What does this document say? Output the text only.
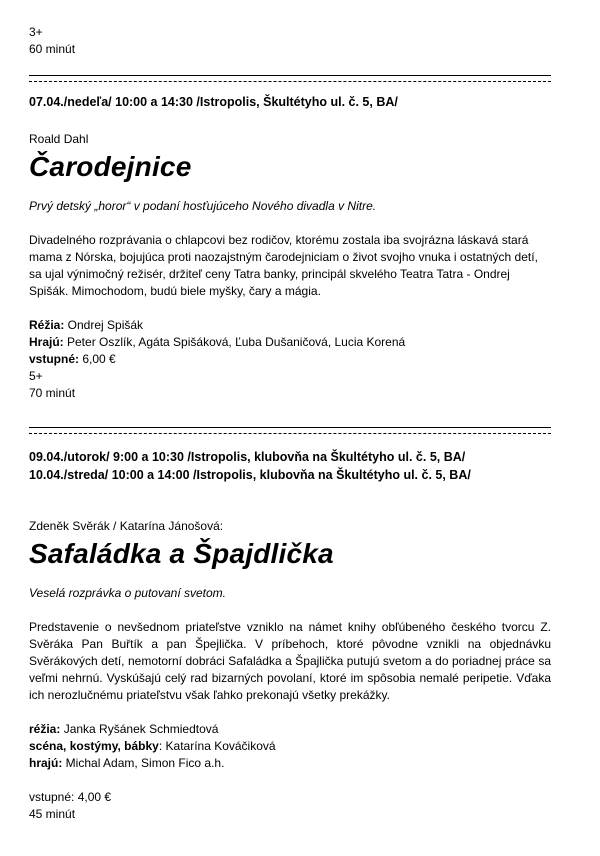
3+

60 minút

07.04./nedeľa/ 10:00 a 14:30 /Istropolis, Škultétyho ul. č. 5, BA/

Roald Dahl

Čarodejnice

Prvý detský „horor“ v podaní hosťujúceho Nového divadla v Nitre.

Divadelného rozprávania o chlapcovi bez rodičov, ktorému zostala iba svojrázna láskavá stará mama z Nórska, bojujúca proti naozajstným čarodejniciam o život svojho vnuka i ostatných detí, sa ujal výnimočný režisér, držiteľ ceny Tatra banky, principál skvelého Teatra Tatra - Ondrej Spišák. Mimochodom, budú biele myšky, čary a mágia.

Réžia: Ondrej Spišák

Hrajú: Peter Oszlík, Agáta Spišáková, Ľuba Dušaničová, Lucia Korená

vstupné: 6,00 €

5+

70 minút

09.04./utorok/ 9:00 a 10:30 /Istropolis, klubovňa na Škultétyho ul. č. 5, BA/

10.04./streda/ 10:00 a 14:00 /Istropolis, klubovňa na Škultétyho ul. č. 5, BA/

Zdeněk Svěrák / Katarína Jánošová:

Safaládka a Špajdlička

Veselá rozprávka o putovaní svetom.

Predstavenie o nevšednom priateľstve vzniklo na námet knihy obľúbeného českého tvorcu Z. Svěráka Pan Buřtík a pan Špejlička. V príbehoch, ktoré pôvodne vznikli na objednávku Svěrákových detí, nemotorní dobráci Safaládka a Špajlička putujú svetom a do poriadnej práce sa veľmi nehrnú. Vyskúšajú celý rad bizarných povolaní, ktoré im spôsobia nemalé peripetie. Vďaka ich nerozlučnému priateľstvu však ľahko prekonajú všetky prekážky.

réžia: Janka Ryšánek Schmiedtová

scéna, kostýmy, bábky: Katarína Kováčiková

hrajú: Michal Adam, Simon Fico a.h.

vstupné: 4,00 €

45 minút
